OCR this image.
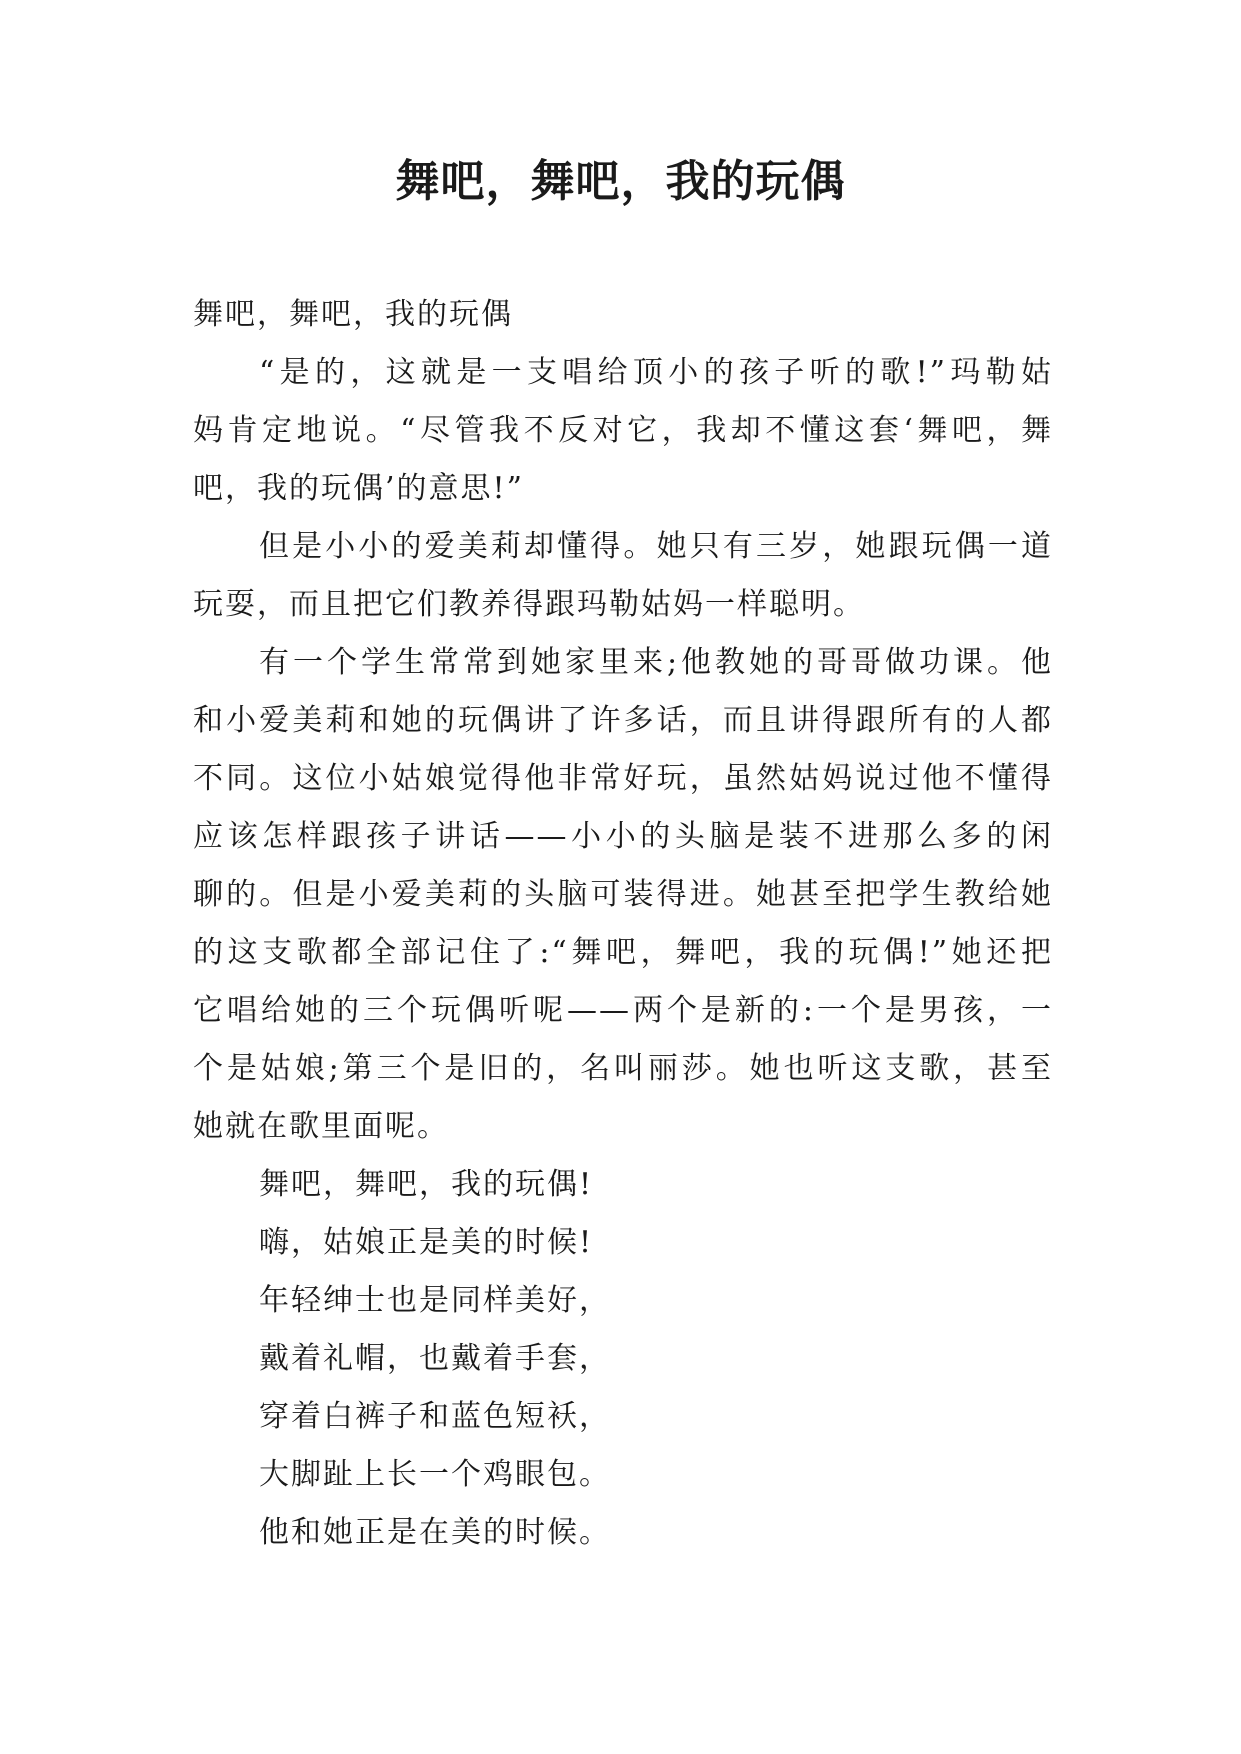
舞吧，舞吧，我的玩偶
舞吧，舞吧，我的玩偶
“是的，这就是一支唱给顶小的孩子听的歌!”玛勒姑
妈肯定地说。“尽管我不反对它，我却不懂这套‘舞吧，舞
吧，我的玩偶’的意思!”
但是小小的爱美莉却懂得。她只有三岁，她跟玩偶一道
玩耍，而且把它们教养得跟玛勒姑妈一样聪明。
有一个学生常常到她家里来;他教她的哥哥做功课。他
和小爱美莉和她的玩偶讲了许多话，而且讲得跟所有的人都
不同。这位小姑娘觉得他非常好玩，虽然姑妈说过他不懂得
应该怎样跟孩子讲话——小小的头脑是装不进那么多的闲
聊的。但是小爱美莉的头脑可装得进。她甚至把学生教给她
的这支歌都全部记住了:“舞吧，舞吧，我的玩偶!”她还把
它唱给她的三个玩偶听呢——两个是新的:一个是男孩，一
个是姑娘;第三个是旧的，名叫丽莎。她也听这支歌，甚至
她就在歌里面呢。
舞吧，舞吧，我的玩偶!
嗨，姑娘正是美的时候!
年轻绅士也是同样美好，
戴着礼帽，也戴着手套，
穿着白裤子和蓝色短袄，
大脚趾上长一个鸡眼包。
他和她正是在美的时候。
